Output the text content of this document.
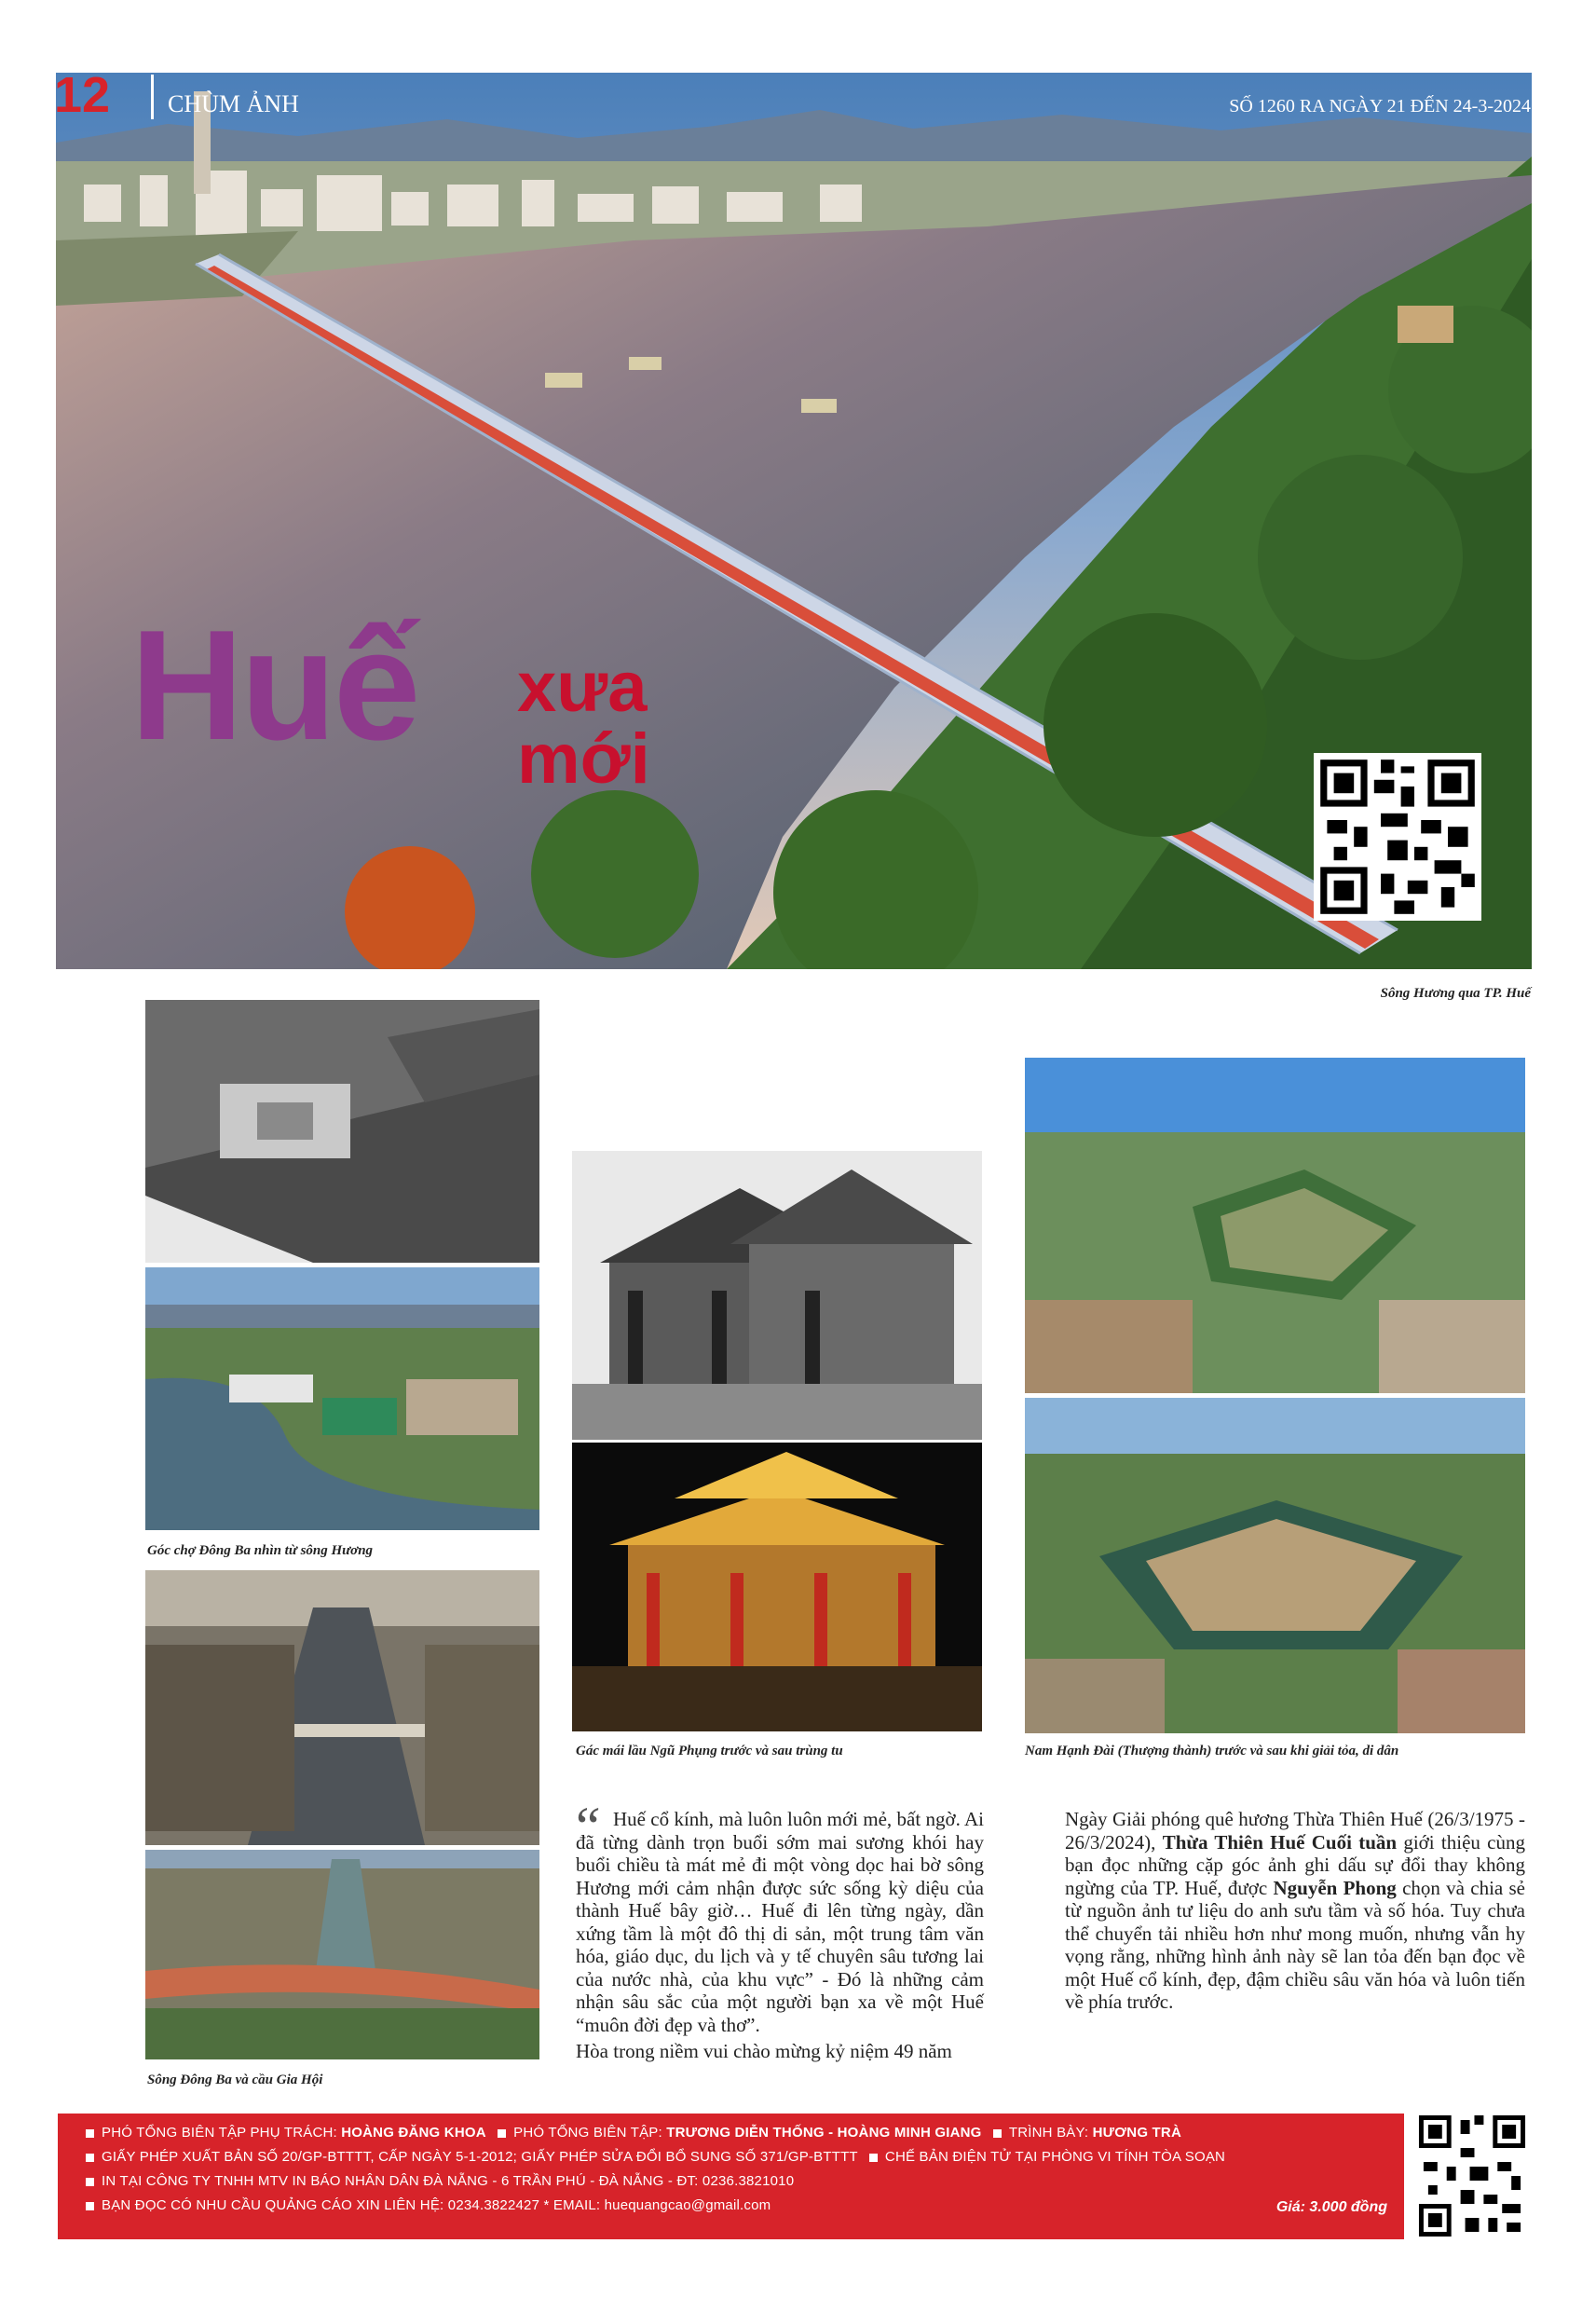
12 CHÙM ẢNH	SỐ 1260 RA NGÀY 21 ĐẾN 24-3-2024
Huế xưa
mới
Sông Hương qua TP. Huế
Góc chợ Đông Ba nhìn từ sông Hương
Sông Đông Ba và cầu Gia Hội
Gác mái lầu Ngũ Phụng trước và sau trùng tu	Nam Hạnh Đài (Thượng thành) trước và sau khi giải tỏa, di dân
“ Huế cổ kính, mà luôn luôn mới mẻ, bất ngờ. Ai đã từng dành trọn buổi sớm mai sương khói hay buổi chiều tà mát mẻ đi một vòng dọc hai bờ sông Hương mới cảm nhận được sức sống kỳ diệu của thành Huế bây giờ… Huế đi lên từng ngày, dần xứng tầm là một đô thị di sản, một trung tâm văn hóa, giáo dục, du lịch và y tế chuyên sâu tương lai của nước nhà, của khu vực” - Đó là những cảm nhận sâu sắc của một người bạn xa về một Huế “muôn đời đẹp và thơ”.

Hòa trong niềm vui chào mừng kỷ niệm 49 năm

Ngày Giải phóng quê hương Thừa Thiên Huế (26/3/1975 - 26/3/2024), Thừa Thiên Huế Cuối tuần giới thiệu cùng bạn đọc những cặp góc ảnh ghi dấu sự đổi thay không ngừng của TP. Huế, được Nguyễn Phong chọn và chia sẻ từ nguồn ảnh tư liệu do anh sưu tầm và số hóa. Tuy chưa thể chuyển tải nhiều hơn như mong muốn, nhưng vẫn hy vọng rằng, những hình ảnh này sẽ lan tỏa đến bạn đọc về một Huế cổ kính, đẹp, đậm chiều sâu văn hóa và luôn tiến về phía trước.

PHÓ TỔNG BIÊN TẬP PHỤ TRÁCH: HOÀNG ĐĂNG KHOA PHÓ TỔNG BIÊN TẬP: TRƯƠNG DIỄN THỐNG - HOÀNG MINH GIANG TRÌNH BÀY: HƯƠNG TRÀ
GIẤY PHÉP XUẤT BẢN SỐ 20/GP-BTTTT, CẤP NGÀY 5-1-2012; GIẤY PHÉP SỬA ĐỔI BỔ SUNG SỐ 371/GP-BTTTT CHẾ BẢN ĐIỆN TỬ TẠI PHÒNG VI TÍNH TÒA SOẠN
IN TẠI CÔNG TY TNHH MTV IN BÁO NHÂN DÂN ĐÀ NẴNG - 6 TRẦN PHÚ - ĐÀ NẴNG - ĐT: 0236.3821010
BẠN ĐỌC CÓ NHU CẦU QUẢNG CÁO XIN LIÊN HỆ: 0234.3822427 * EMAIL: huequangcao@gmail.com	Giá: 3.000 đồng
